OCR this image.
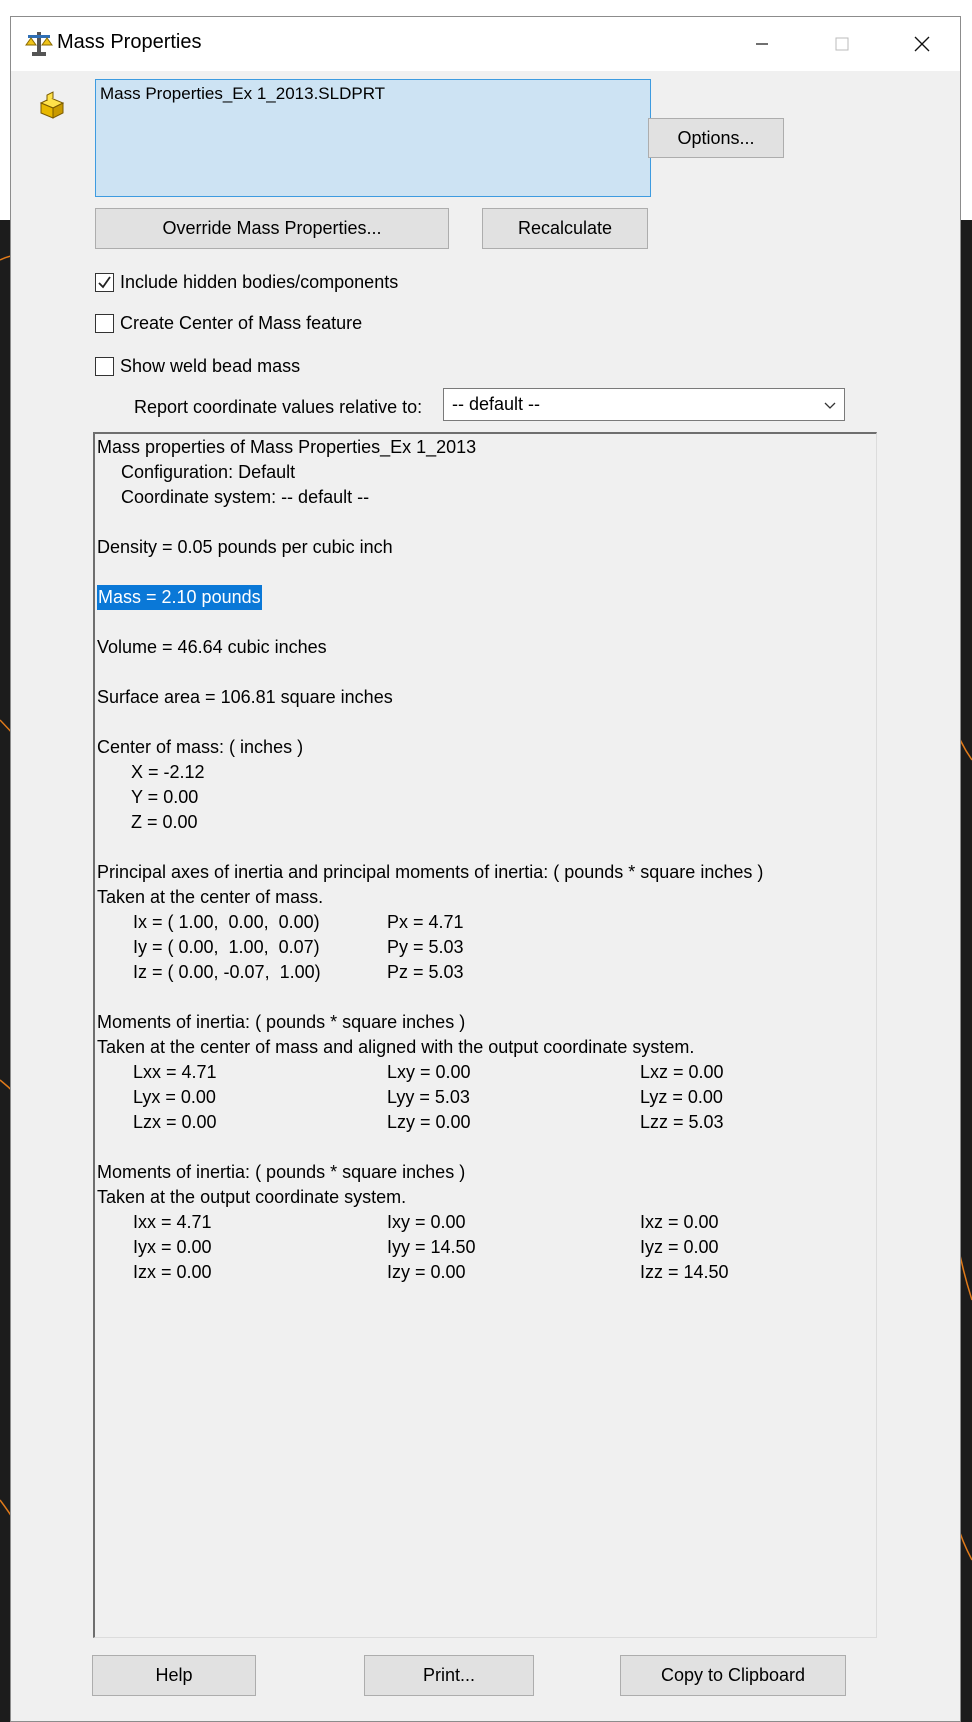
Mass Properties
Mass Properties_Ex 1_2013.SLDPRT
Options...
Override Mass Properties...	Recalculate
Include hidden bodies/components
Create Center of Mass feature
Show weld bead mass
Report coordinate values relative to: -- default --
Mass properties of Mass Properties_Ex 1_2013
Configuration: Default
Coordinate system: -- default --
Density = 0.05 pounds per cubic inch
Mass = 2.10 pounds
Volume = 46.64 cubic inches
Surface area = 106.81 square inches
Center of mass: ( inches )
X = -2.12
Y = 0.00
Z = 0.00
Principal axes of inertia and principal moments of inertia: ( pounds * square inches )
Taken at the center of mass.
Ix = ( 1.00,  0.00,  0.00)	Px = 4.71
Iy = ( 0.00,  1.00,  0.07)	Py = 5.03
Iz = ( 0.00, -0.07,  1.00)	Pz = 5.03
Moments of inertia: ( pounds * square inches )
Taken at the center of mass and aligned with the output coordinate system.
Lxx = 4.71	Lxy = 0.00	Lxz = 0.00
Lyx = 0.00	Lyy = 5.03	Lyz = 0.00
Lzx = 0.00	Lzy = 0.00	Lzz = 5.03
Moments of inertia: ( pounds * square inches )
Taken at the output coordinate system.
Ixx = 4.71	Ixy = 0.00	Ixz = 0.00
Iyx = 0.00	Iyy = 14.50	Iyz = 0.00
Izx = 0.00	Izy = 0.00	Izz = 14.50
Help	Print...	Copy to Clipboard
